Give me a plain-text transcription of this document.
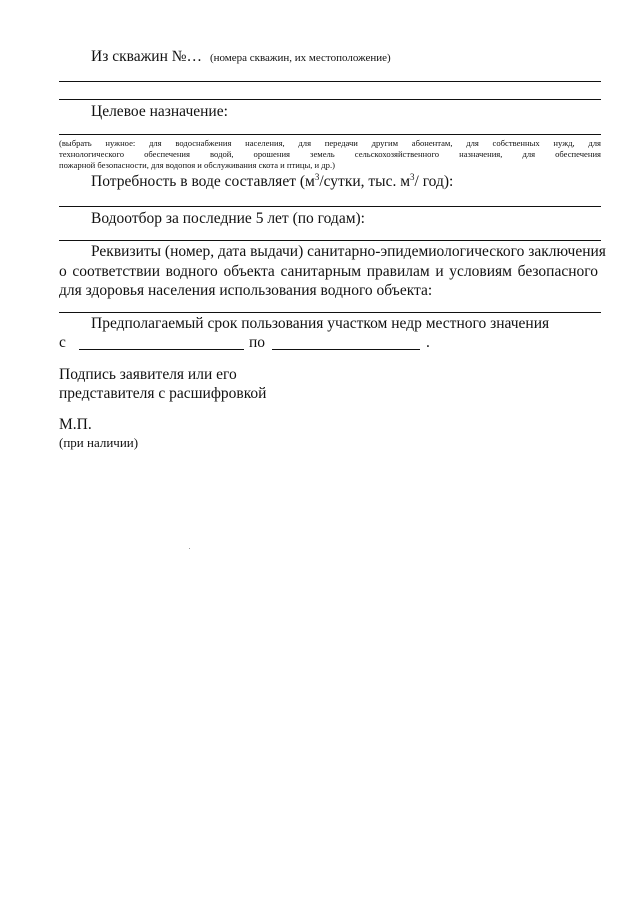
Из скважин №… (номера скважин, их местоположение)
Целевое назначение:
(выбрать нужное: для водоснабжения населения, для передачи другим абонентам, для собственных нужд, для
технологического обеспечения водой, орошения земель сельскохозяйственного назначения, для обеспечения
пожарной безопасности, для водопоя и обслуживания скота и птицы, и др.)
Потребность в воде составляет ($м^3$/сутки, тыс. $м^3/$ год):
Водоотбор за последние 5 лет (по годам):
Реквизиты (номер, дата выдачи) санитарно-эпидемиологического заключения
о соответствии водного объекта санитарным правилам и условиям безопасного
для здоровья населения использования водного объекта:
Предполагаемый срок пользования участком недр местного значения
с	по	.
Подпись заявителя или его
представителя с расшифровкой
М.П.
(при наличии)
